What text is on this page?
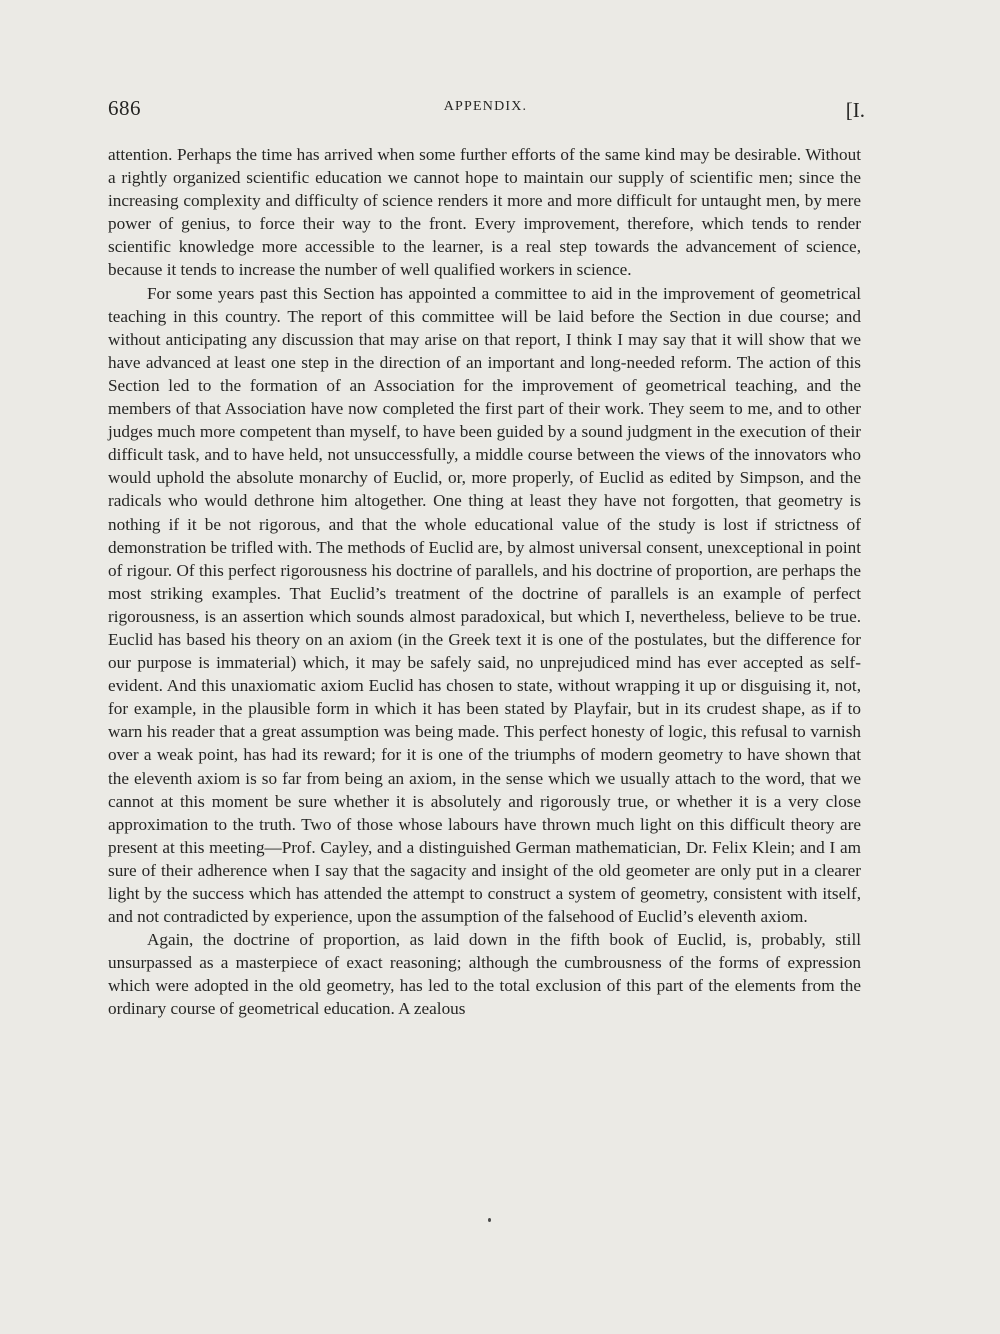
686	APPENDIX.	[I.

attention. Perhaps the time has arrived when some further efforts of the same kind may be desirable. Without a rightly organized scientific education we cannot hope to maintain our supply of scientific men; since the increasing complexity and difficulty of science renders it more and more difficult for untaught men, by mere power of genius, to force their way to the front. Every improvement, therefore, which tends to render scientific knowledge more accessible to the learner, is a real step towards the advancement of science, because it tends to increase the number of well qualified workers in science.

For some years past this Section has appointed a committee to aid in the improvement of geometrical teaching in this country. The report of this committee will be laid before the Section in due course; and without anticipating any discussion that may arise on that report, I think I may say that it will show that we have advanced at least one step in the direction of an important and long-needed reform. The action of this Section led to the formation of an Association for the improvement of geometrical teaching, and the members of that Association have now completed the first part of their work. They seem to me, and to other judges much more competent than myself, to have been guided by a sound judgment in the execution of their difficult task, and to have held, not unsuccessfully, a middle course between the views of the innovators who would uphold the absolute monarchy of Euclid, or, more properly, of Euclid as edited by Simpson, and the radicals who would dethrone him altogether. One thing at least they have not forgotten, that geometry is nothing if it be not rigorous, and that the whole educational value of the study is lost if strictness of demonstration be trifled with. The methods of Euclid are, by almost universal consent, unexceptional in point of rigour. Of this perfect rigorousness his doctrine of parallels, and his doctrine of proportion, are perhaps the most striking examples. That Euclid’s treatment of the doctrine of parallels is an example of perfect rigorousness, is an assertion which sounds almost paradoxical, but which I, nevertheless, believe to be true. Euclid has based his theory on an axiom (in the Greek text it is one of the postulates, but the difference for our purpose is immaterial) which, it may be safely said, no unprejudiced mind has ever accepted as self-evident. And this unaxiomatic axiom Euclid has chosen to state, without wrapping it up or disguising it, not, for example, in the plausible form in which it has been stated by Playfair, but in its crudest shape, as if to warn his reader that a great assumption was being made. This perfect honesty of logic, this refusal to varnish over a weak point, has had its reward; for it is one of the triumphs of modern geometry to have shown that the eleventh axiom is so far from being an axiom, in the sense which we usually attach to the word, that we cannot at this moment be sure whether it is absolutely and rigorously true, or whether it is a very close approximation to the truth. Two of those whose labours have thrown much light on this difficult theory are present at this meeting—Prof. Cayley, and a distinguished German mathematician, Dr. Felix Klein; and I am sure of their adherence when I say that the sagacity and insight of the old geometer are only put in a clearer light by the success which has attended the attempt to construct a system of geometry, consistent with itself, and not contradicted by experience, upon the assumption of the falsehood of Euclid’s eleventh axiom.

Again, the doctrine of proportion, as laid down in the fifth book of Euclid, is, probably, still unsurpassed as a masterpiece of exact reasoning; although the cumbrousness of the forms of expression which were adopted in the old geometry, has led to the total exclusion of this part of the elements from the ordinary course of geometrical education. A zealous
